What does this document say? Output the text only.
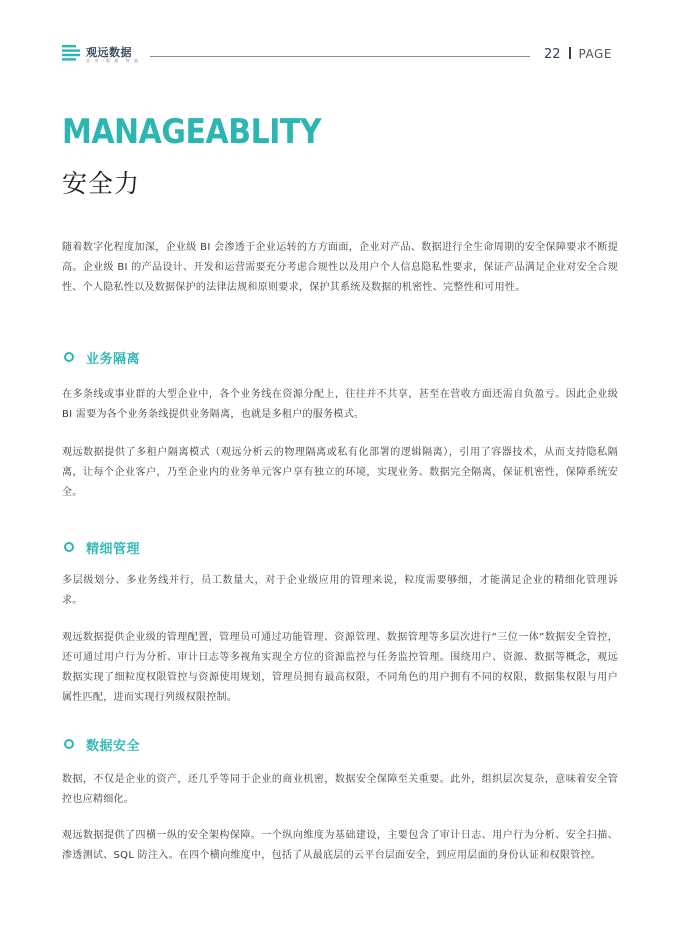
观远数据
企 业 ·数 据 ·智 能	22 PAGE
MANAGEABLITY
安全力

随着数字化程度加深，企业级 BI 会渗透于企业运转的方方面面，企业对产品、数据进行全生命周期的安全保障要求不断提高。企业级 BI 的产品设计、开发和运营需要充分考虑合规性以及用户个人信息隐私性要求，保证产品满足企业对安全合规性、个人隐私性以及数据保护的法律法规和原则要求，保护其系统及数据的机密性、完整性和可用性。

业务隔离

在多条线或事业群的大型企业中，各个业务线在资源分配上，往往并不共享，甚至在营收方面还需自负盈亏。因此企业级 BI 需要为各个业务条线提供业务隔离，也就是多租户的服务模式。

观远数据提供了多租户隔离模式（观远分析云的物理隔离或私有化部署的逻辑隔离），引用了容器技术，从而支持隐私隔离，让每个企业客户，乃至企业内的业务单元客户享有独立的环境，实现业务、数据完全隔离，保证机密性，保障系统安全。

精细管理

多层级划分、多业务线并行，员工数量大，对于企业级应用的管理来说，粒度需要够细，才能满足企业的精细化管理诉求。

观远数据提供企业级的管理配置，管理员可通过功能管理、资源管理、数据管理等多层次进行“三位一体”数据安全管控，还可通过用户行为分析、审计日志等多视角实现全方位的资源监控与任务监控管理。围绕用户、资源、数据等概念，观远数据实现了细粒度权限管控与资源使用规划，管理员拥有最高权限，不同角色的用户拥有不同的权限，数据集权限与用户属性匹配，进而实现行列级权限控制。

数据安全

数据，不仅是企业的资产，还几乎等同于企业的商业机密，数据安全保障至关重要。此外，组织层次复杂，意味着安全管控也应精细化。

观远数据提供了四横一纵的安全架构保障。一个纵向维度为基础建设，主要包含了审计日志、用户行为分析、安全扫描、渗透测试、SQL 防注入。在四个横向维度中，包括了从最底层的云平台层面安全，到应用层面的身份认证和权限管控。
